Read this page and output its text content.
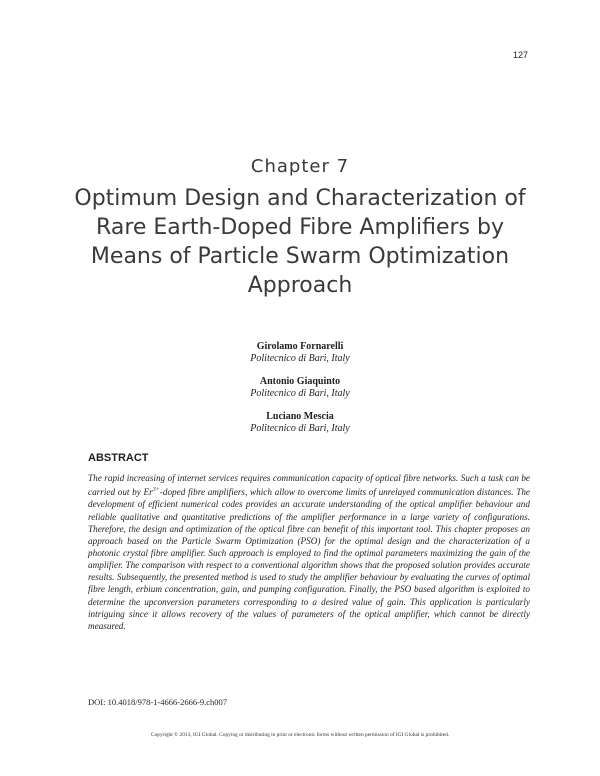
127
Chapter 7
Optimum Design and Characterization of Rare Earth-Doped Fibre Amplifiers by Means of Particle Swarm Optimization Approach
Girolamo Fornarelli
Politecnico di Bari, Italy
Antonio Giaquinto
Politecnico di Bari, Italy
Luciano Mescia
Politecnico di Bari, Italy
ABSTRACT

The rapid increasing of internet services requires communication capacity of optical fibre networks. Such a task can be carried out by $Er^{3+}$-doped fibre amplifiers, which allow to overcome limits of unrelayed communication distances. The development of efficient numerical codes provides an accurate understanding of the optical amplifier behaviour and reliable qualitative and quantitative predictions of the amplifier performance in a large variety of configurations. Therefore, the design and optimization of the optical fibre can benefit of this important tool. This chapter proposes an approach based on the Particle Swarm Optimization (PSO) for the optimal design and the characterization of a photonic crystal fibre amplifier. Such approach is employed to find the optimal parameters maximizing the gain of the amplifier. The comparison with respect to a conventional algorithm shows that the proposed solution provides accurate results. Subsequently, the presented method is used to study the amplifier behaviour by evaluating the curves of optimal fibre length, erbium concentration, gain, and pumping configuration. Finally, the PSO based algorithm is exploited to determine the upconversion parameters corresponding to a desired value of gain. This application is particularly intriguing since it allows recovery of the values of parameters of the optical amplifier, which cannot be directly measured.

DOI: 10.4018/978-1-4666-2666-9.ch007
Copyright © 2013, IGI Global. Copying or distributing in print or electronic forms without written permission of IGI Global is prohibited.
